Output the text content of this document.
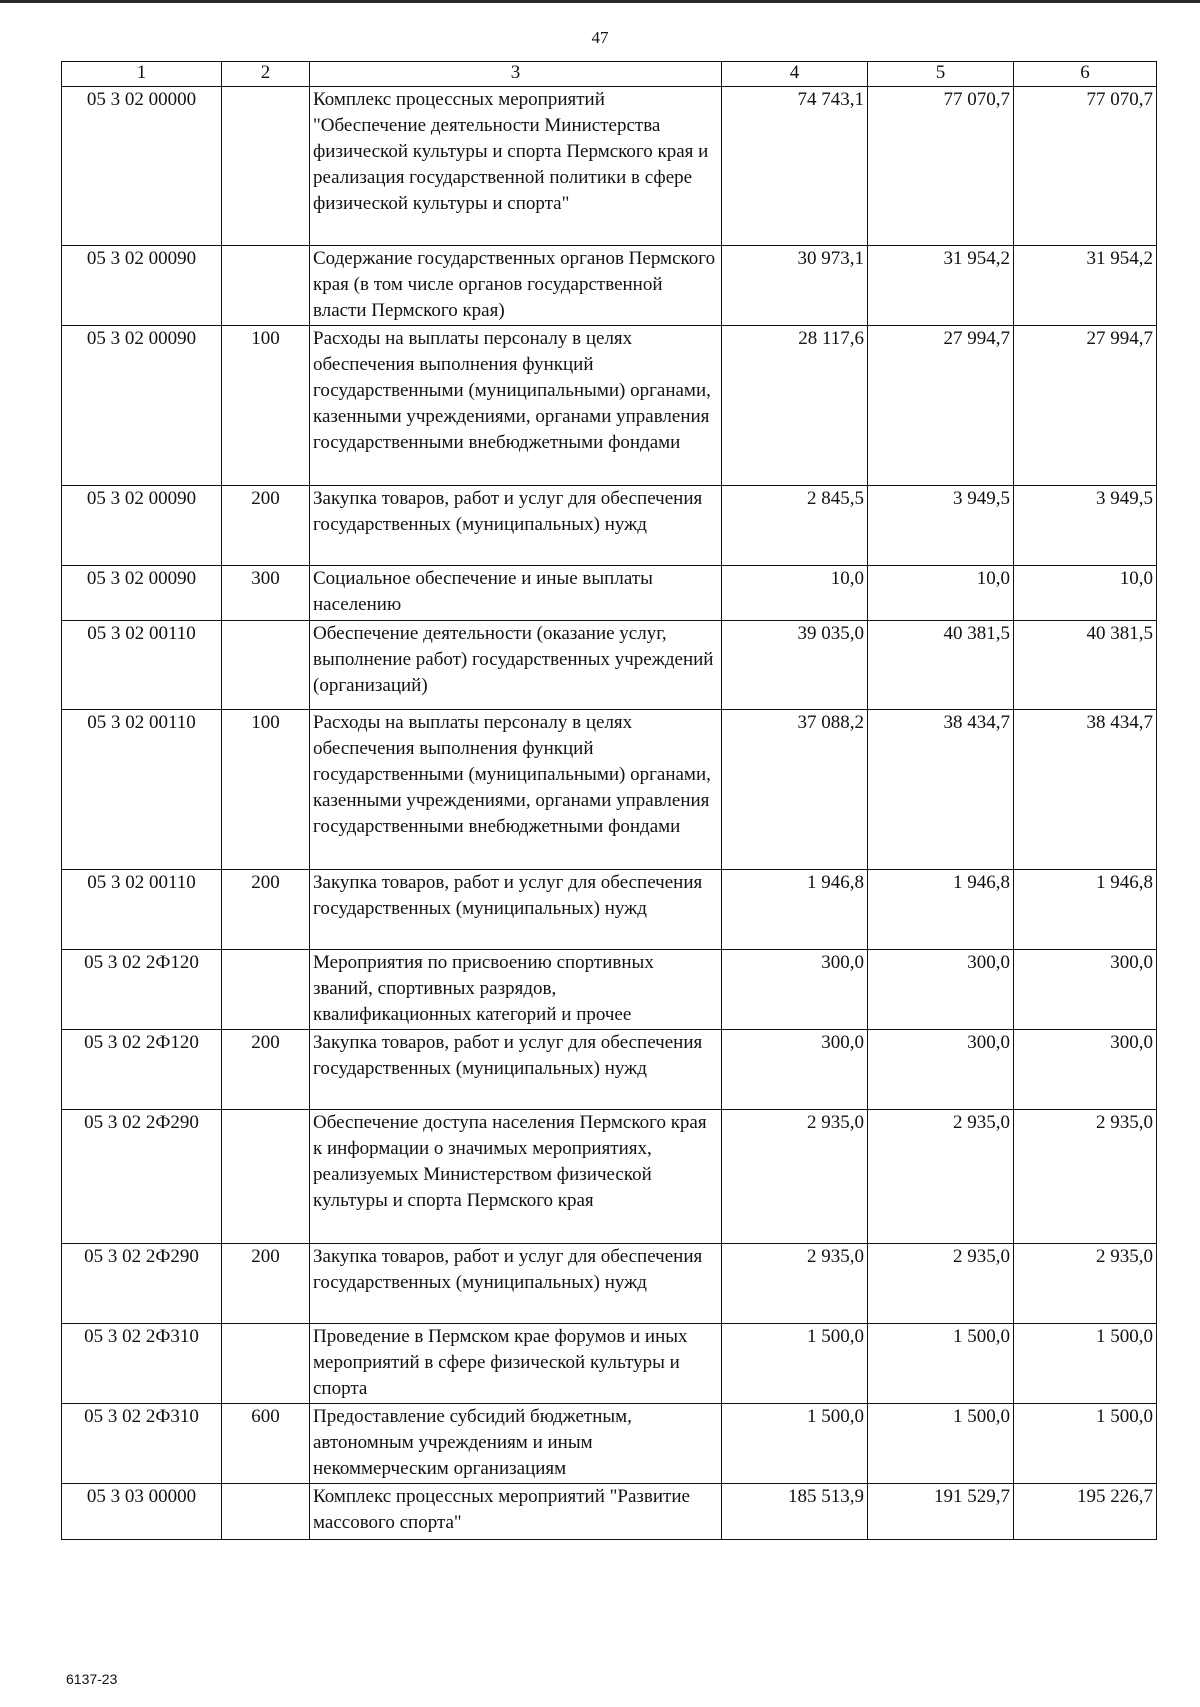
47
1	2	3	4	5	6
05 3 02 00000		Комплекс процессных мероприятий "Обеспечение деятельности Министерства физической культуры и спорта Пермского края и реализация государственной политики в сфере физической культуры и спорта"	74 743,1	77 070,7	77 070,7
05 3 02 00090		Содержание государственных органов Пермского края (в том числе органов государственной власти Пермского края)	30 973,1	31 954,2	31 954,2
05 3 02 00090	100	Расходы на выплаты персоналу в целях обеспечения выполнения функций государственными (муниципальными) органами, казенными учреждениями, органами управления государственными внебюджетными фондами	28 117,6	27 994,7	27 994,7
05 3 02 00090	200	Закупка товаров, работ и услуг для обеспечения государственных (муниципальных) нужд	2 845,5	3 949,5	3 949,5
05 3 02 00090	300	Социальное обеспечение и иные выплаты населению	10,0	10,0	10,0
05 3 02 00110		Обеспечение деятельности (оказание услуг, выполнение работ) государственных учреждений (организаций)	39 035,0	40 381,5	40 381,5
05 3 02 00110	100	Расходы на выплаты персоналу в целях обеспечения выполнения функций государственными (муниципальными) органами, казенными учреждениями, органами управления государственными внебюджетными фондами	37 088,2	38 434,7	38 434,7
05 3 02 00110	200	Закупка товаров, работ и услуг для обеспечения государственных (муниципальных) нужд	1 946,8	1 946,8	1 946,8
05 3 02 2Ф120		Мероприятия по присвоению спортивных званий, спортивных разрядов, квалификационных категорий и прочее	300,0	300,0	300,0
05 3 02 2Ф120	200	Закупка товаров, работ и услуг для обеспечения государственных (муниципальных) нужд	300,0	300,0	300,0
05 3 02 2Ф290		Обеспечение доступа населения Пермского края к информации о значимых мероприятиях, реализуемых Министерством физической культуры и спорта Пермского края	2 935,0	2 935,0	2 935,0
05 3 02 2Ф290	200	Закупка товаров, работ и услуг для обеспечения государственных (муниципальных) нужд	2 935,0	2 935,0	2 935,0
05 3 02 2Ф310		Проведение в Пермском крае форумов и иных мероприятий в сфере физической культуры и спорта	1 500,0	1 500,0	1 500,0
05 3 02 2Ф310	600	Предоставление субсидий бюджетным, автономным учреждениям и иным некоммерческим организациям	1 500,0	1 500,0	1 500,0
05 3 03 00000		Комплекс процессных мероприятий "Развитие массового спорта"	185 513,9	191 529,7	195 226,7
6137-23
